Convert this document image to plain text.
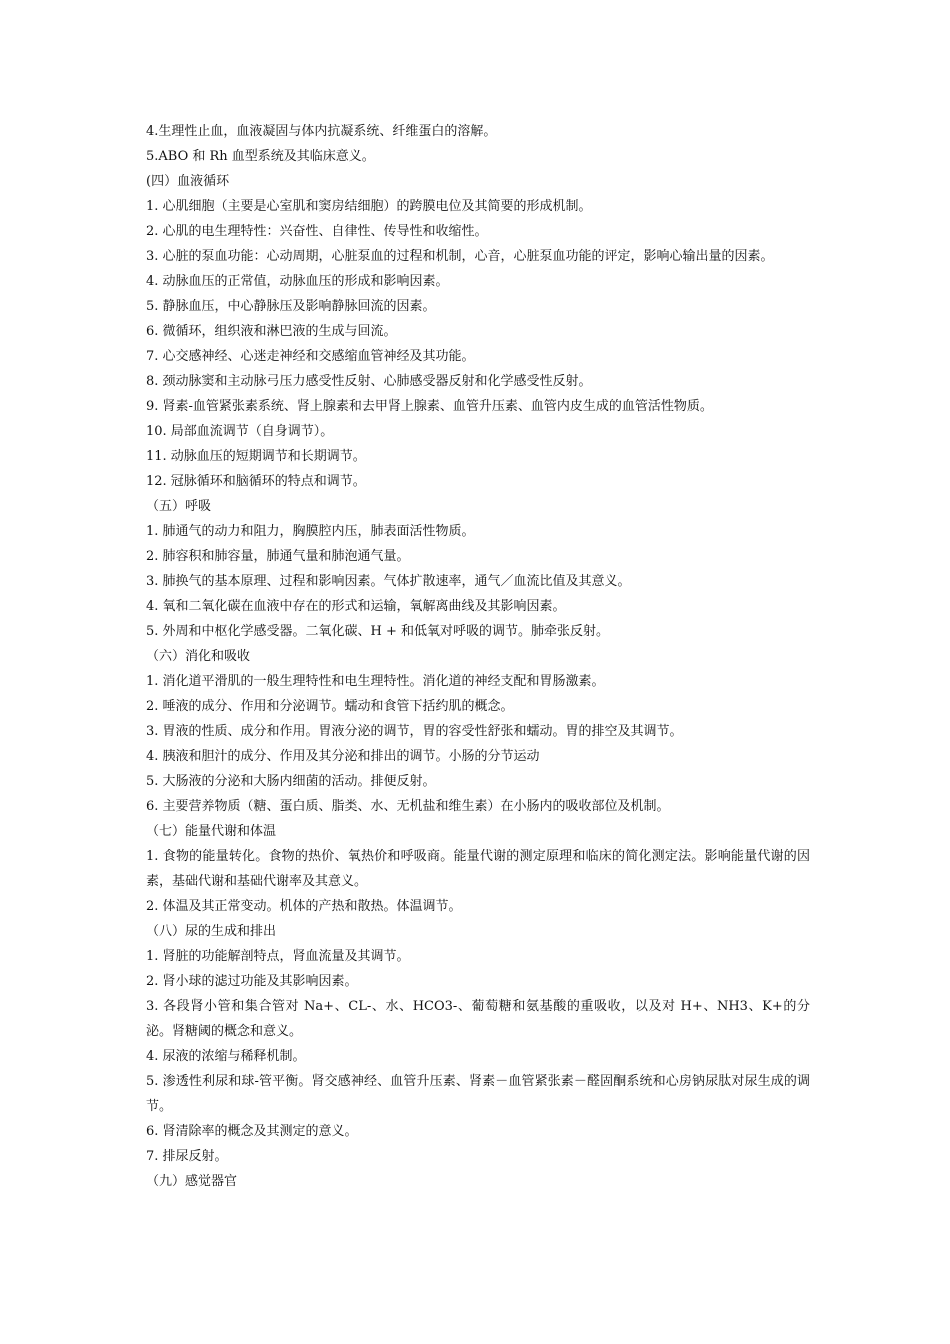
4.生理性止血，血液凝固与体内抗凝系统、纤维蛋白的溶解。
5.ABO 和 Rh 血型系统及其临床意义。
(四）血液循环
1. 心肌细胞（主要是心室肌和窦房结细胞）的跨膜电位及其简要的形成机制。
2. 心肌的电生理特性：兴奋性、自律性、传导性和收缩性。
3. 心脏的泵血功能：心动周期，心脏泵血的过程和机制，心音，心脏泵血功能的评定，影响心输出量的因素。
4. 动脉血压的正常值，动脉血压的形成和影响因素。
5. 静脉血压，中心静脉压及影响静脉回流的因素。
6. 微循环，组织液和淋巴液的生成与回流。
7. 心交感神经、心迷走神经和交感缩血管神经及其功能。
8. 颈动脉窦和主动脉弓压力感受性反射、心肺感受器反射和化学感受性反射。
9. 肾素-血管紧张素系统、肾上腺素和去甲肾上腺素、血管升压素、血管内皮生成的血管活性物质。
10. 局部血流调节（自身调节）。
11. 动脉血压的短期调节和长期调节。
12. 冠脉循环和脑循环的特点和调节。
（五）呼吸
1. 肺通气的动力和阻力，胸膜腔内压，肺表面活性物质。
2. 肺容积和肺容量，肺通气量和肺泡通气量。
3. 肺换气的基本原理、过程和影响因素。气体扩散速率，通气／血流比值及其意义。
4. 氧和二氧化碳在血液中存在的形式和运输，氧解离曲线及其影响因素。
5. 外周和中枢化学感受器。二氧化碳、H + 和低氧对呼吸的调节。肺牵张反射。
（六）消化和吸收
1. 消化道平滑肌的一般生理特性和电生理特性。消化道的神经支配和胃肠激素。
2. 唾液的成分、作用和分泌调节。蠕动和食管下括约肌的概念。
3. 胃液的性质、成分和作用。胃液分泌的调节，胃的容受性舒张和蠕动。胃的排空及其调节。
4. 胰液和胆汁的成分、作用及其分泌和排出的调节。小肠的分节运动
5. 大肠液的分泌和大肠内细菌的活动。排便反射。
6. 主要营养物质（糖、蛋白质、脂类、水、无机盐和维生素）在小肠内的吸收部位及机制。
（七）能量代谢和体温
1. 食物的能量转化。食物的热价、氧热价和呼吸商。能量代谢的测定原理和临床的简化测定法。影响能量代谢的因素，基础代谢和基础代谢率及其意义。
2. 体温及其正常变动。机体的产热和散热。体温调节。
（八）尿的生成和排出
1. 肾脏的功能解剖特点，肾血流量及其调节。
2. 肾小球的滤过功能及其影响因素。
3. 各段肾小管和集合管对 Na+、CL-、水、HCO3-、葡萄糖和氨基酸的重吸收，以及对 H+、NH3、K+的分泌。肾糖阈的概念和意义。
4. 尿液的浓缩与稀释机制。
5. 渗透性利尿和球-管平衡。肾交感神经、血管升压素、肾素－血管紧张素－醛固酮系统和心房钠尿肽对尿生成的调节。
6. 肾清除率的概念及其测定的意义。
7. 排尿反射。
（九）感觉器官
